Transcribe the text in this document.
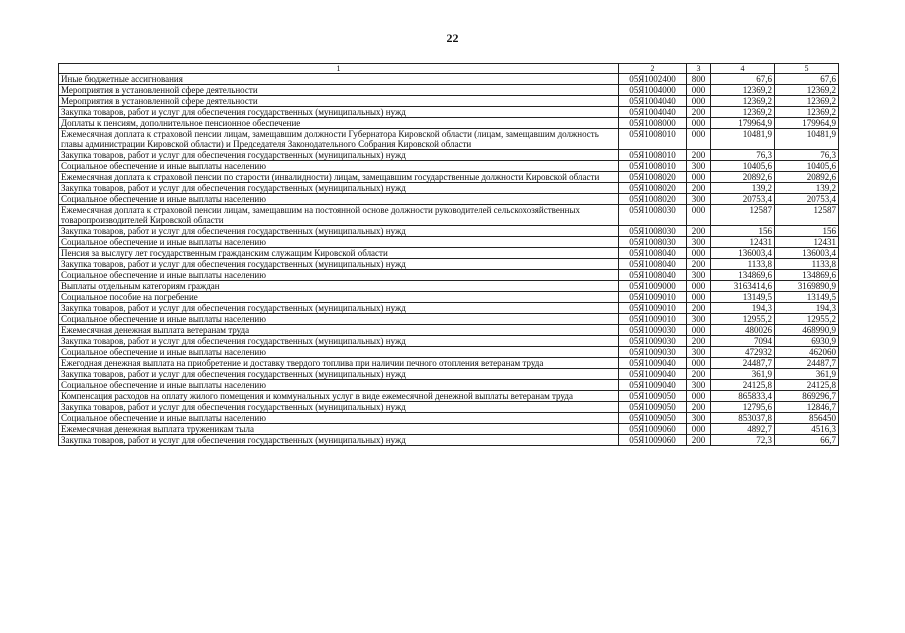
22
1	2	3	4	5
Иные бюджетные ассигнования	05Я1002400	800	67,6	67,6
Мероприятия в установленной сфере деятельности	05Я1004000	000	12369,2	12369,2
Мероприятия в установленной сфере деятельности	05Я1004040	000	12369,2	12369,2
Закупка товаров, работ и услуг для обеспечения государственных (муниципальных) нужд	05Я1004040	200	12369,2	12369,2
Доплаты к пенсиям, дополнительное пенсионное обеспечение	05Я1008000	000	179964,9	179964,9
Ежемесячная доплата к страховой пенсии лицам, замещавшим должности Губернатора Кировской области (лицам, замещавшим должность главы администрации Кировской области) и Председателя Законодательного Собрания Кировской области	05Я1008010	000	10481,9	10481,9
Закупка товаров, работ и услуг для обеспечения государственных (муниципальных) нужд	05Я1008010	200	76,3	76,3
Социальное обеспечение и иные выплаты населению	05Я1008010	300	10405,6	10405,6
Ежемесячная доплата к страховой пенсии по старости (инвалидности) лицам, замещавшим государственные должности Кировской области	05Я1008020	000	20892,6	20892,6
Закупка товаров, работ и услуг для обеспечения государственных (муниципальных) нужд	05Я1008020	200	139,2	139,2
Социальное обеспечение и иные выплаты населению	05Я1008020	300	20753,4	20753,4
Ежемесячная доплата к страховой пенсии лицам, замещавшим на постоянной основе должности руководителей сельскохозяйственных товаропроизводителей Кировской области	05Я1008030	000	12587	12587
Закупка товаров, работ и услуг для обеспечения государственных (муниципальных) нужд	05Я1008030	200	156	156
Социальное обеспечение и иные выплаты населению	05Я1008030	300	12431	12431
Пенсия за выслугу лет государственным гражданским служащим Кировской области	05Я1008040	000	136003,4	136003,4
Закупка товаров, работ и услуг для обеспечения государственных (муниципальных) нужд	05Я1008040	200	1133,8	1133,8
Социальное обеспечение и иные выплаты населению	05Я1008040	300	134869,6	134869,6
Выплаты отдельным категориям граждан	05Я1009000	000	3163414,6	3169890,9
Социальное пособие на погребение	05Я1009010	000	13149,5	13149,5
Закупка товаров, работ и услуг для обеспечения государственных (муниципальных) нужд	05Я1009010	200	194,3	194,3
Социальное обеспечение и иные выплаты населению	05Я1009010	300	12955,2	12955,2
Ежемесячная денежная выплата ветеранам труда	05Я1009030	000	480026	468990,9
Закупка товаров, работ и услуг для обеспечения государственных (муниципальных) нужд	05Я1009030	200	7094	6930,9
Социальное обеспечение и иные выплаты населению	05Я1009030	300	472932	462060
Ежегодная денежная выплата на приобретение и доставку твердого топлива при наличии печного отопления ветеранам труда	05Я1009040	000	24487,7	24487,7
Закупка товаров, работ и услуг для обеспечения государственных (муниципальных) нужд	05Я1009040	200	361,9	361,9
Социальное обеспечение и иные выплаты населению	05Я1009040	300	24125,8	24125,8
Компенсация расходов на оплату жилого помещения и коммунальных услуг в виде ежемесячной денежной выплаты ветеранам труда	05Я1009050	000	865833,4	869296,7
Закупка товаров, работ и услуг для обеспечения государственных (муниципальных) нужд	05Я1009050	200	12795,6	12846,7
Социальное обеспечение и иные выплаты населению	05Я1009050	300	853037,8	856450
Ежемесячная денежная выплата труженикам тыла	05Я1009060	000	4892,7	4516,3
Закупка товаров, работ и услуг для обеспечения государственных (муниципальных) нужд	05Я1009060	200	72,3	66,7
